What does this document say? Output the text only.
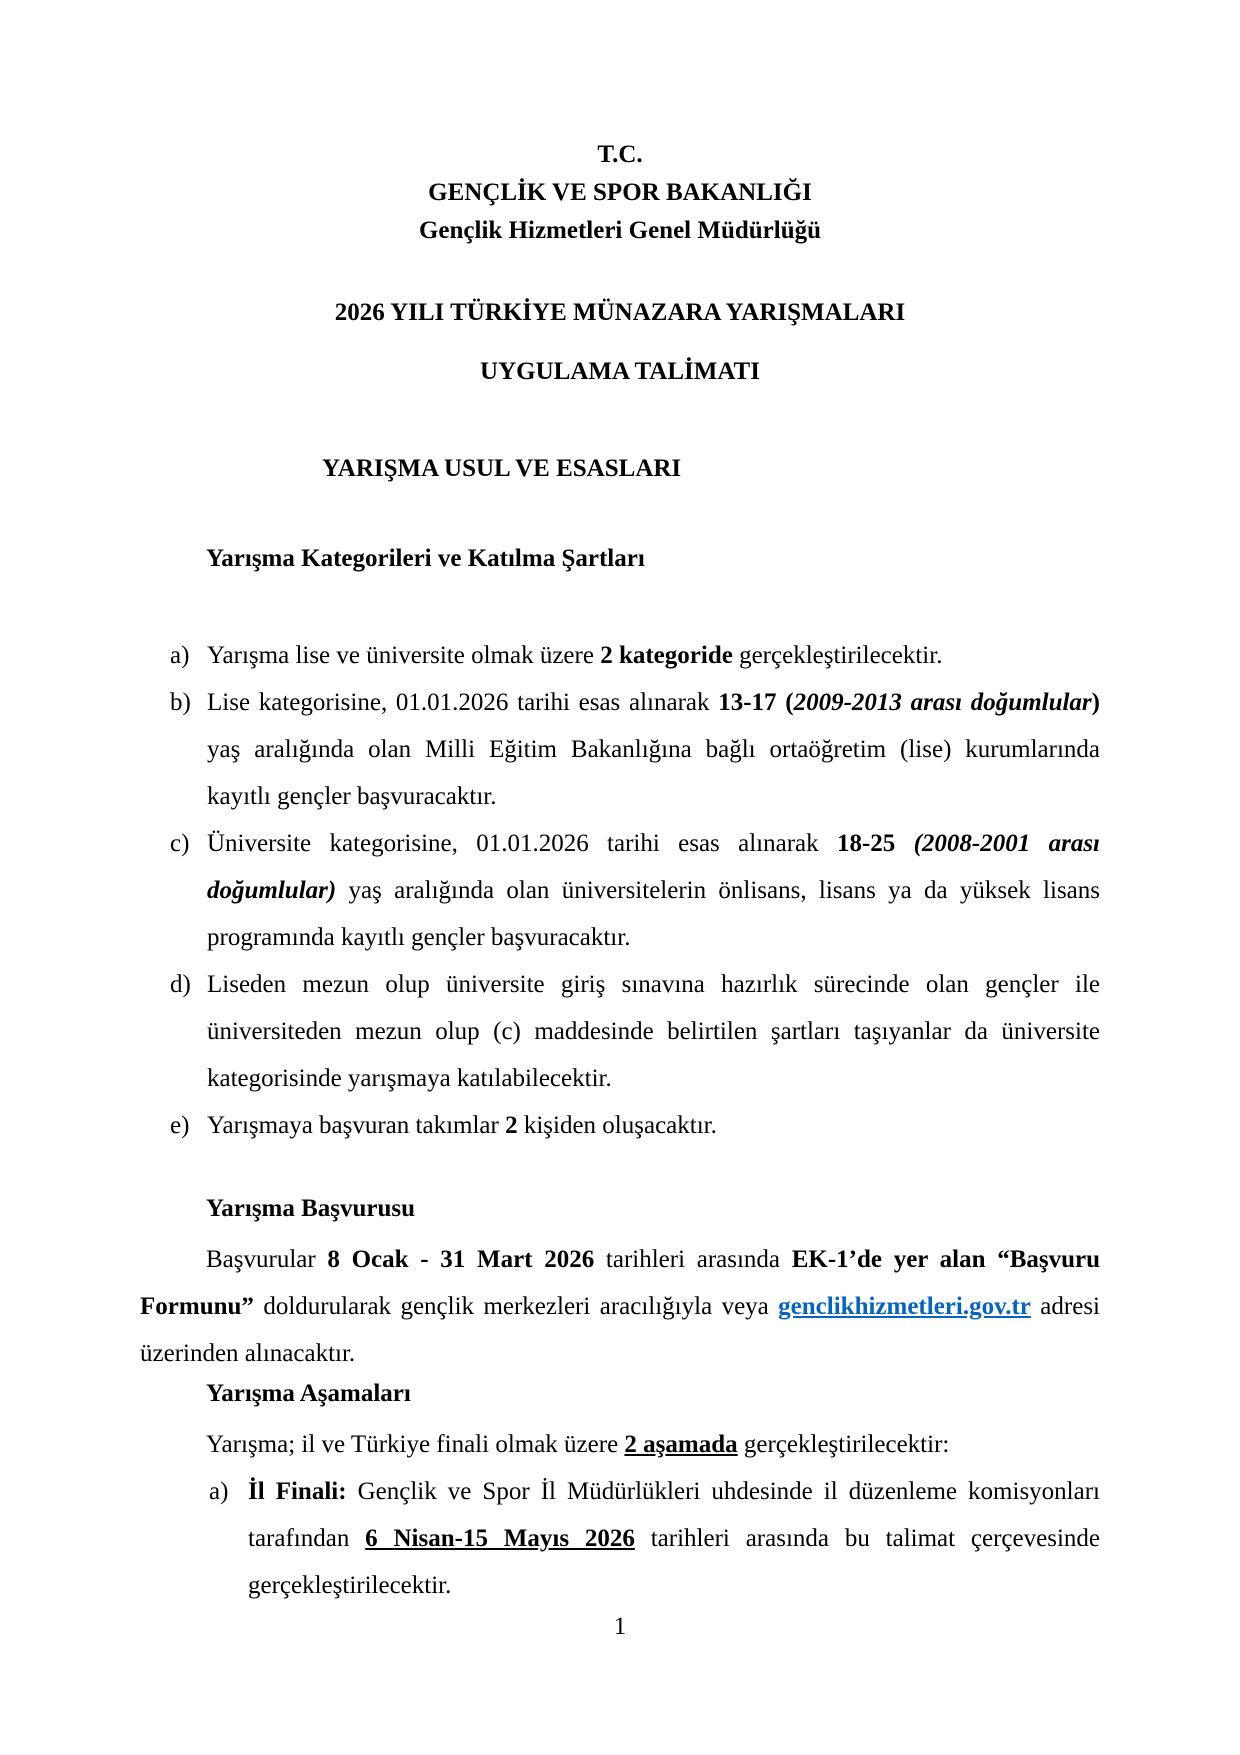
T.C.
GENÇLİK VE SPOR BAKANLIĞI
Gençlik Hizmetleri Genel Müdürlüğü
2026 YILI TÜRKİYE MÜNAZARA YARIŞMALARI
UYGULAMA TALİMATI
YARIŞMA USUL VE ESASLARI
Yarışma Kategorileri ve Katılma Şartları
a) Yarışma lise ve üniversite olmak üzere 2 kategoride gerçekleştirilecektir.
b) Lise kategorisine, 01.01.2026 tarihi esas alınarak 13-17 (2009-2013 arası doğumlular) yaş aralığında olan Milli Eğitim Bakanlığına bağlı ortaöğretim (lise) kurumlarında kayıtlı gençler başvuracaktır.
c) Üniversite kategorisine, 01.01.2026 tarihi esas alınarak 18-25 (2008-2001 arası doğumlular) yaş aralığında olan üniversitelerin önlisans, lisans ya da yüksek lisans programında kayıtlı gençler başvuracaktır.
d) Liseden mezun olup üniversite giriş sınavına hazırlık sürecinde olan gençler ile üniversiteden mezun olup (c) maddesinde belirtilen şartları taşıyanlar da üniversite kategorisinde yarışmaya katılabilecektir.
e) Yarışmaya başvuran takımlar 2 kişiden oluşacaktır.
Yarışma Başvurusu
Başvurular 8 Ocak - 31 Mart 2026 tarihleri arasında EK-1’de yer alan “Başvuru Formunu” doldurularak gençlik merkezleri aracılığıyla veya genclikhizmetleri.gov.tr adresi üzerinden alınacaktır.
Yarışma Aşamaları
Yarışma; il ve Türkiye finali olmak üzere 2 aşamada gerçekleştirilecektir:
a) İl Finali: Gençlik ve Spor İl Müdürlükleri uhdesinde il düzenleme komisyonları tarafından 6 Nisan-15 Mayıs 2026 tarihleri arasında bu talimat çerçevesinde gerçekleştirilecektir.
1
